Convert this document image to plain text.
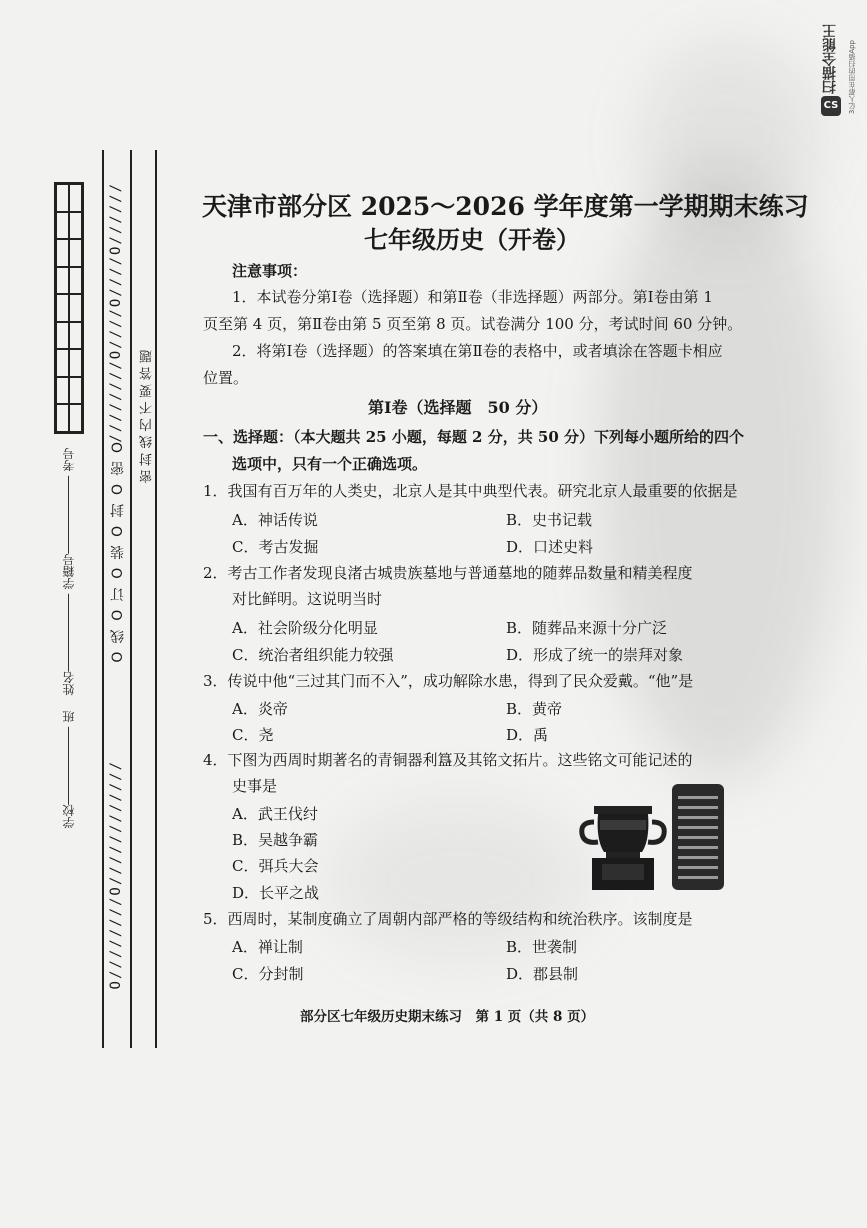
扫描全能王 3亿人都在用的扫描App
CS
////////O////O////O//////
O 线 O 订 O 装 O 封 O 密 O
O////////O////////////
密 封 线 内 不 要 答 题
学校 班    姓名 学籍号 考号
天津市部分区 2025～2026 学年度第一学期期末练习
七年级历史（开卷）
注意事项：
1．本试卷分第Ⅰ卷（选择题）和第Ⅱ卷（非选择题）两部分。第Ⅰ卷由第 1
页至第 4 页，第Ⅱ卷由第 5 页至第 8 页。试卷满分 100 分，考试时间 60 分钟。
2．将第Ⅰ卷（选择题）的答案填在第Ⅱ卷的表格中，或者填涂在答题卡相应
位置。
第Ⅰ卷（选择题　50 分）
一、选择题：（本大题共 25 小题，每题 2 分，共 50 分）下列每小题所给的四个
选项中，只有一个正确选项。
1．我国有百万年的人类史，北京人是其中典型代表。研究北京人最重要的依据是
A．神话传说	B．史书记载
C．考古发掘	D．口述史料
2．考古工作者发现良渚古城贵族墓地与普通墓地的随葬品数量和精美程度
对比鲜明。这说明当时
A．社会阶级分化明显	B．随葬品来源十分广泛
C．统治者组织能力较强	D．形成了统一的崇拜对象
3．传说中他“三过其门而不入”，成功解除水患，得到了民众爱戴。“他”是
A．炎帝	B．黄帝
C．尧	D．禹
4．下图为西周时期著名的青铜器利簋及其铭文拓片。这些铭文可能记述的
史事是
A．武王伐纣
B．吴越争霸
C．弭兵大会
D．长平之战
5．西周时，某制度确立了周朝内部严格的等级结构和统治秩序。该制度是
A．禅让制	B．世袭制
C．分封制	D．郡县制
部分区七年级历史期末练习　第 1 页（共 8 页）
